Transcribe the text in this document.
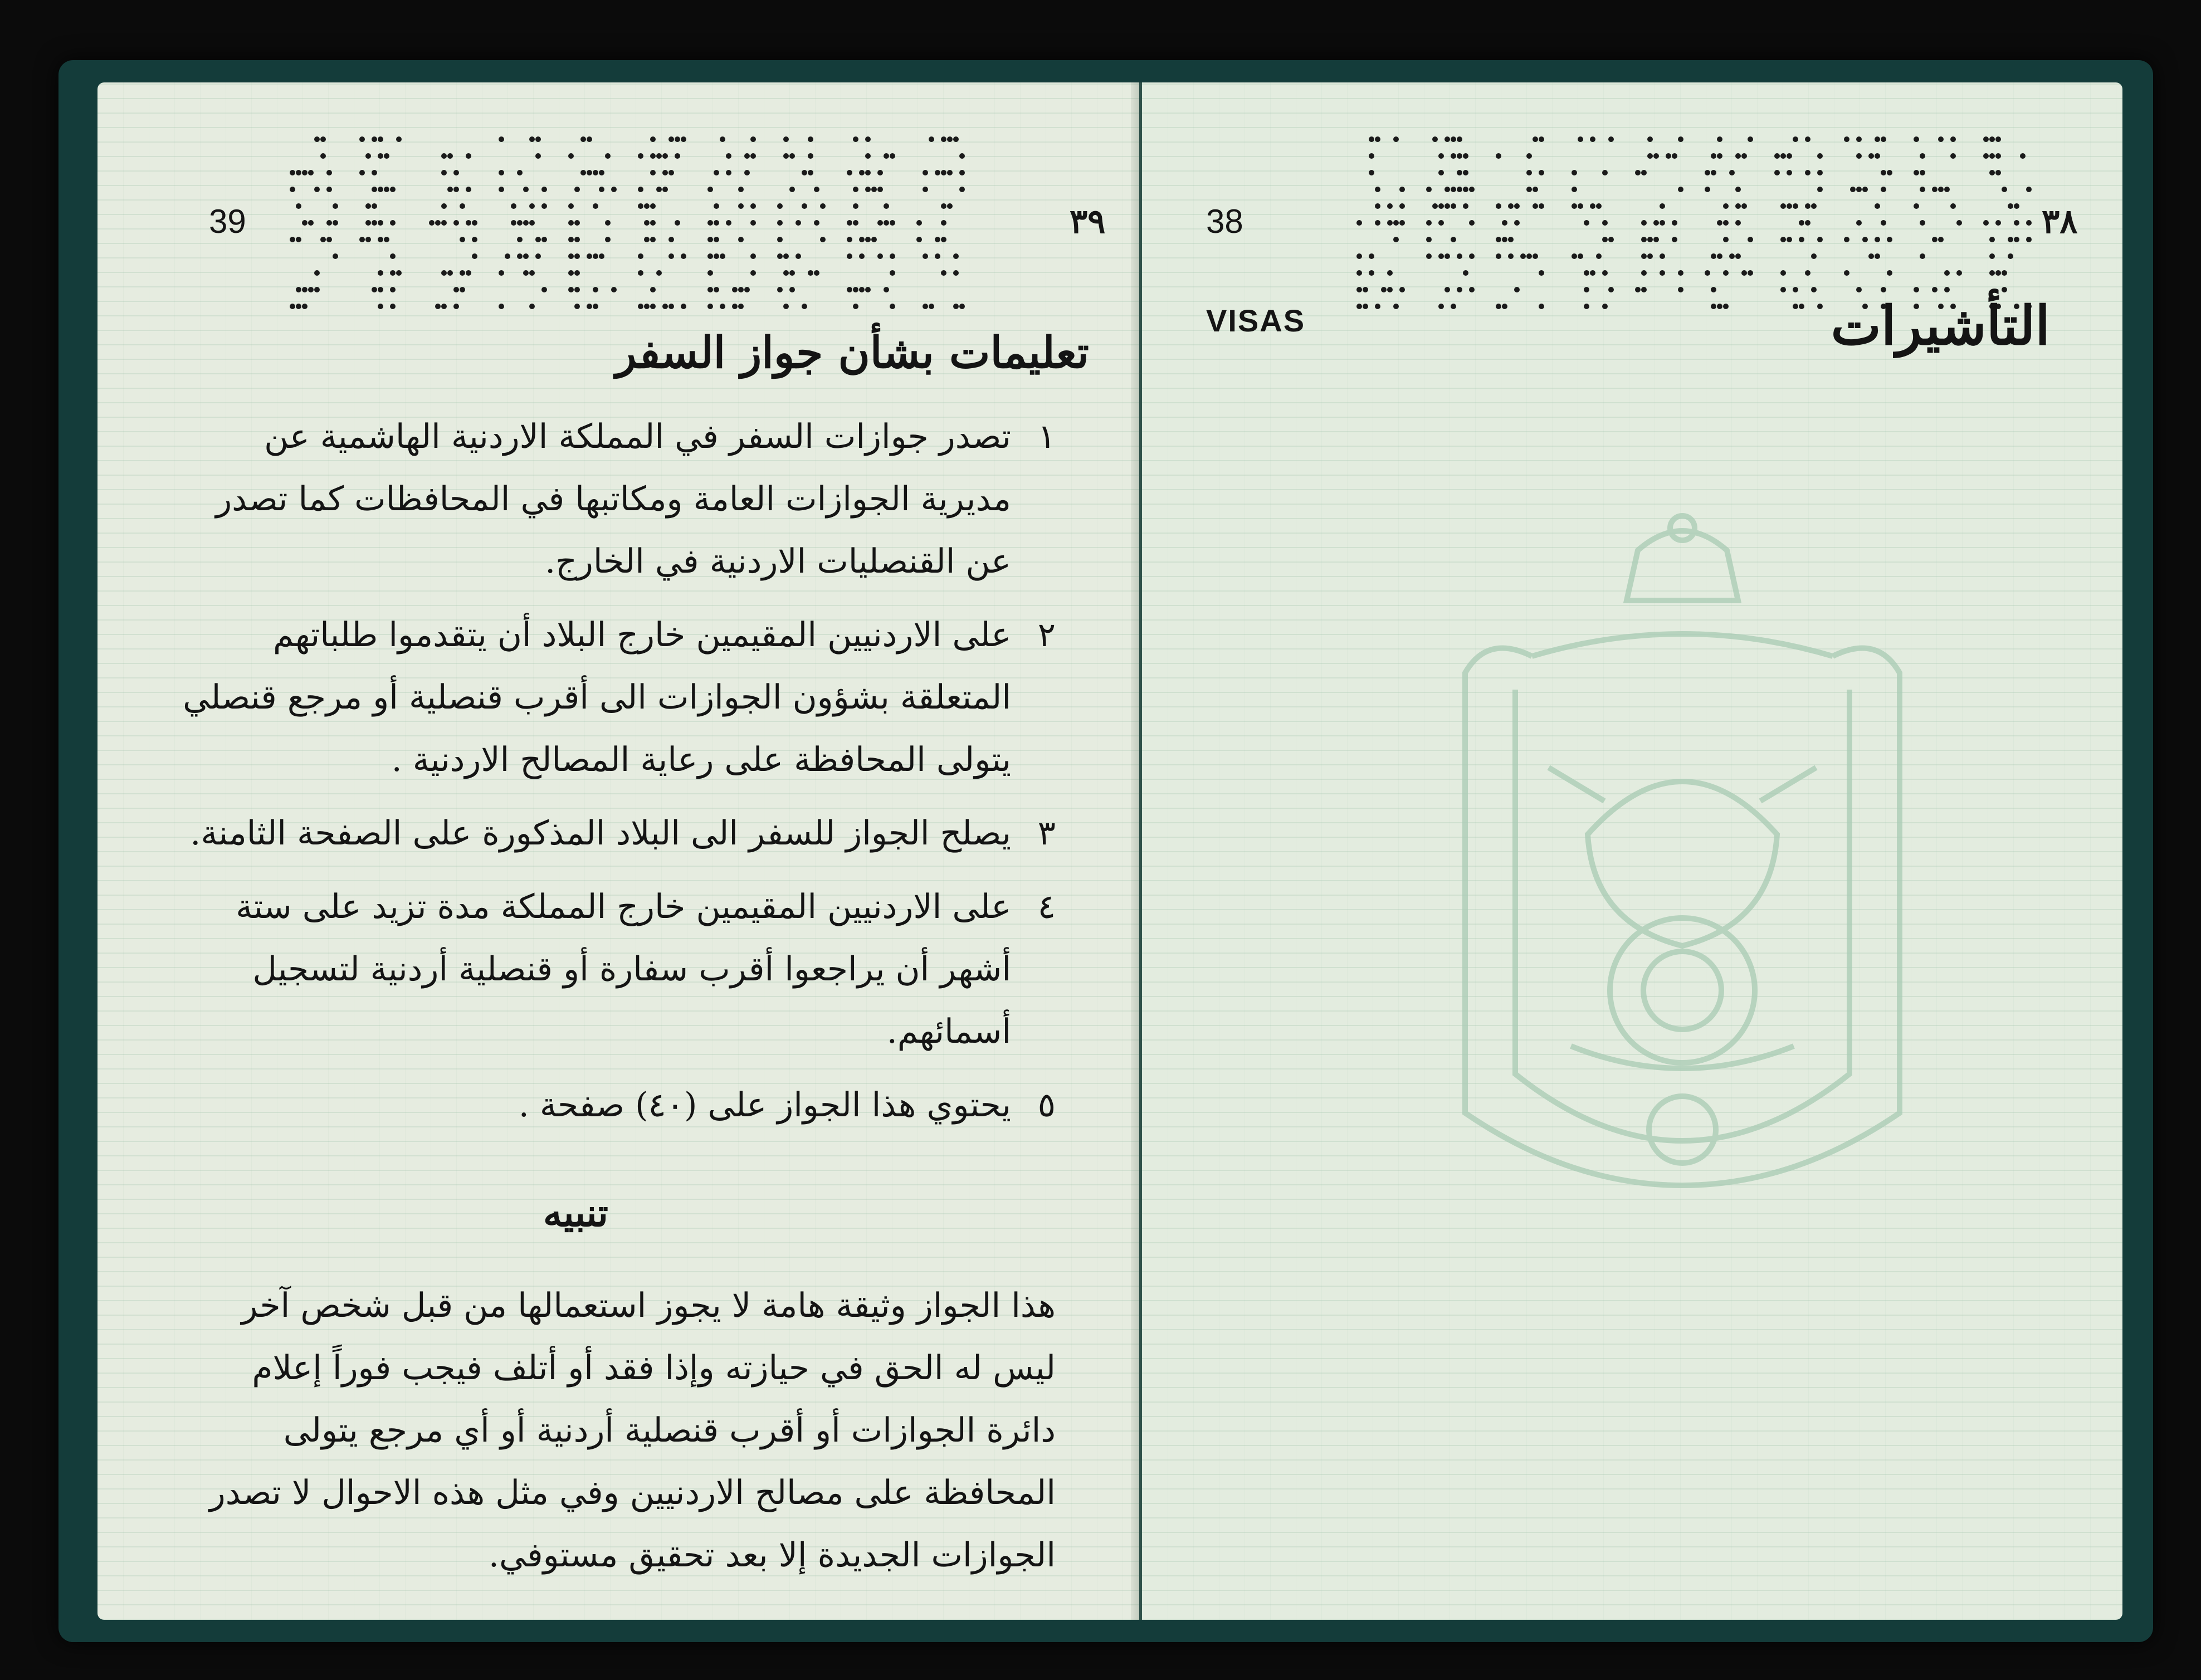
39	٣٩
تعليمات بشأن جواز السفر
١
تصدر جوازات السفر في المملكة الاردنية الهاشمية عن مديرية الجوازات العامة ومكاتبها في المحافظات كما تصدر عن القنصليات الاردنية في الخارج.
٢
على الاردنيين المقيمين خارج البلاد أن يتقدموا طلباتهم المتعلقة بشؤون الجوازات الى أقرب قنصلية أو مرجع قنصلي يتولى المحافظة على رعاية المصالح الاردنية .
٣
يصلح الجواز للسفر الى البلاد المذكورة على الصفحة الثامنة.
٤
على الاردنيين المقيمين خارج المملكة مدة تزيد على ستة أشهر أن يراجعوا أقرب سفارة أو قنصلية أردنية لتسجيل أسمائهم.
٥
يحتوي هذا الجواز على (٤٠) صفحة .
تنبيه

هذا الجواز وثيقة هامة لا يجوز استعمالها من قبل شخص آخر ليس له الحق في حيازته وإذا فقد أو أتلف فيجب فوراً إعلام دائرة الجوازات أو أقرب قنصلية أردنية أو أي مرجع يتولى المحافظة على مصالح الاردنيين وفي مثل هذه الاحوال لا تصدر الجوازات الجديدة إلا بعد تحقيق مستوفي.

38	٣٨
VISAS	التأشيرات
